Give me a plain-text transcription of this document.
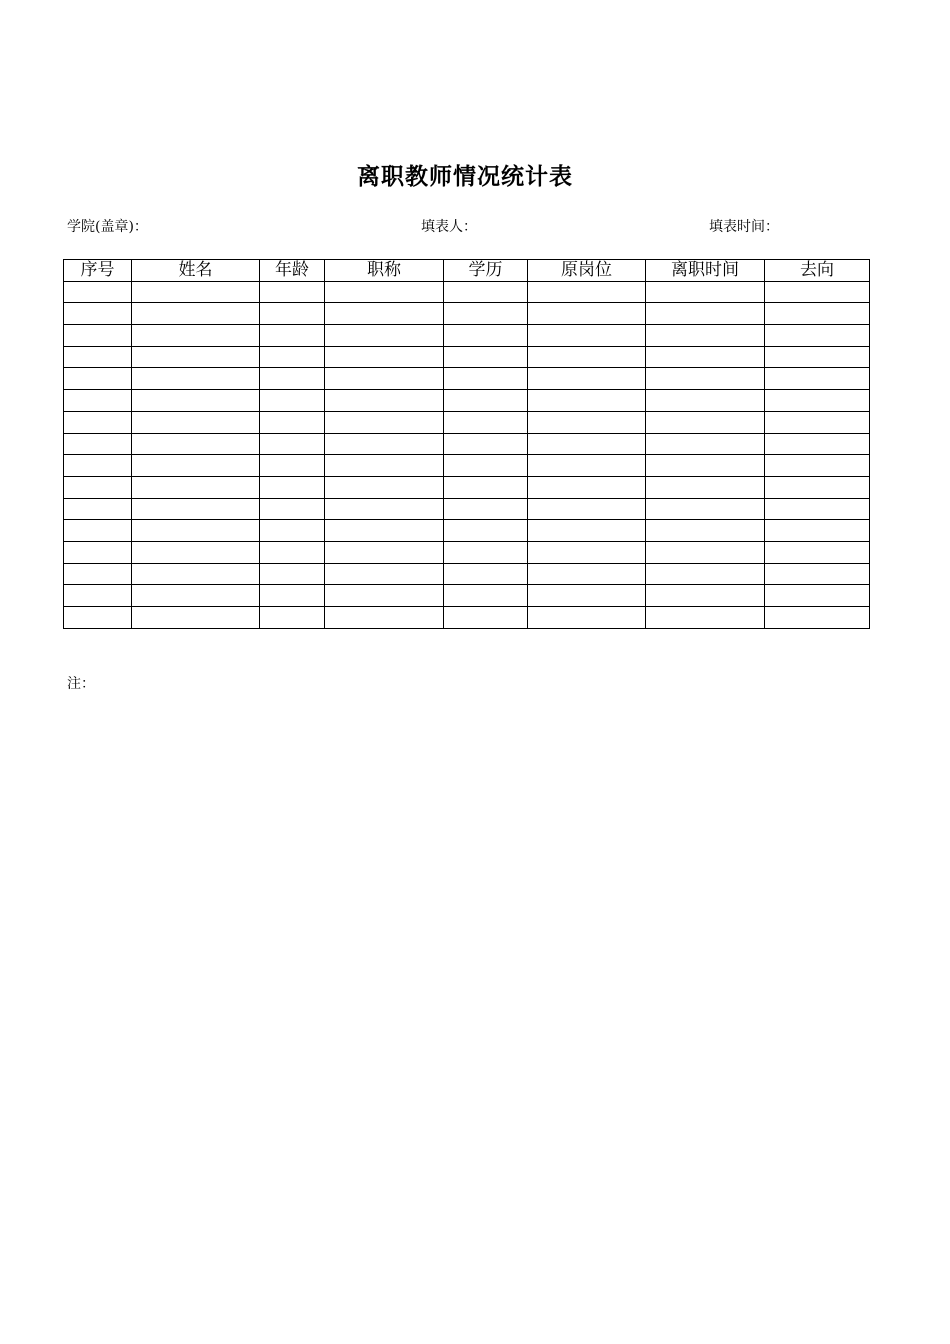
离职教师情况统计表
学院(盖章)：	填表人：	填表时间：
序号	姓名	年龄	职称	学历	原岗位	离职时间	去向

注：
